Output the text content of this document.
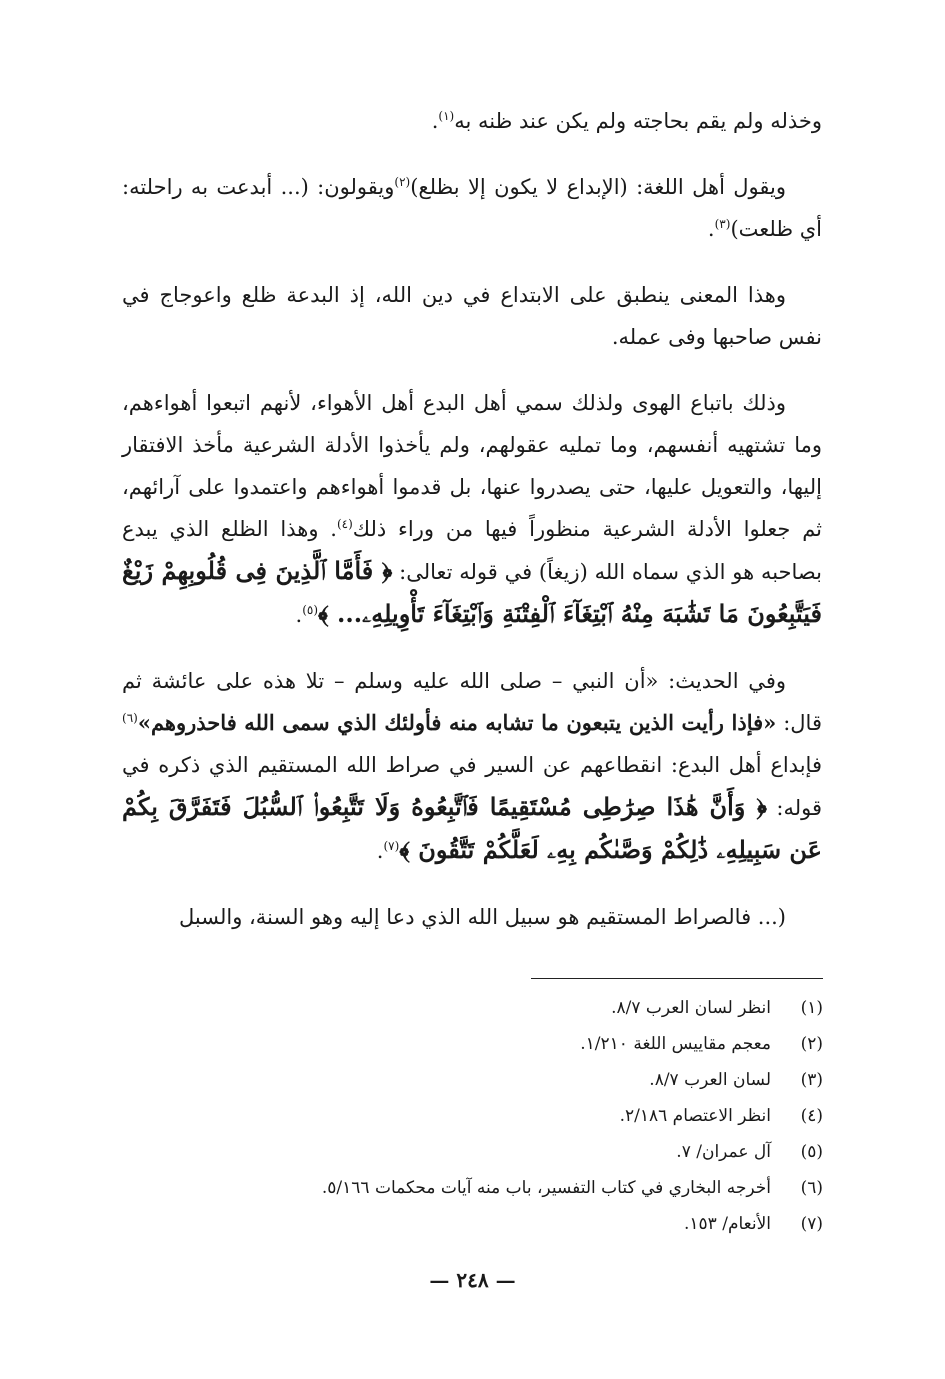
وخذله ولم يقم بحاجته ولم يكن عند ظنه به$^{(١)}$.

ويقول أهل اللغة: (الإبداع لا يكون إلا بظلع)$^{(٢)}$ويقولون: (... أبدعت به راحلته: أي ظلعت)$^{(٣)}$.

وهذا المعنى ينطبق على الابتداع في دين الله، إذ البدعة ظلع واعوجاج في نفس صاحبها وفى عمله.

وذلك باتباع الهوى ولذلك سمي أهل البدع أهل الأهواء، لأنهم اتبعوا أهواءهم، وما تشتهيه أنفسهم، وما تمليه عقولهم، ولم يأخذوا الأدلة الشرعية مأخذ الافتقار إليها، والتعويل عليها، حتى يصدروا عنها، بل قدموا أهواءهم واعتمدوا على آرائهم، ثم جعلوا الأدلة الشرعية منظوراً فيها من وراء ذلك$^{(٤)}$. وهذا الظلع الذي يبدع بصاحبه هو الذي سماه الله (زيغاً) في قوله تعالى: ﴿ فَأَمَّا ٱلَّذِينَ فِى قُلُوبِهِمْ زَيْغٌ فَيَتَّبِعُونَ مَا تَشَٰبَهَ مِنْهُ ٱبْتِغَآءَ ٱلْفِتْنَةِ وَٱبْتِغَآءَ تَأْوِيلِهِۦ... ﴾$^{(٥)}$.

وفي الحديث: «أن النبي – صلى الله عليه وسلم – تلا هذه على عائشة ثم قال: «فإذا رأيت الذين يتبعون ما تشابه منه فأولئك الذي سمى الله فاحذروهم»$^{(٦)}$ فإبداع أهل البدع: انقطاعهم عن السير في صراط الله المستقيم الذي ذكره في قوله: ﴿ وَأَنَّ هَٰذَا صِرَٰطِى مُسْتَقِيمًا فَٱتَّبِعُوهُ وَلَا تَتَّبِعُوا۟ ٱلسُّبُلَ فَتَفَرَّقَ بِكُمْ عَن سَبِيلِهِۦ ذَٰلِكُمْ وَصَّىٰكُم بِهِۦ لَعَلَّكُمْ تَتَّقُونَ ﴾$^{(٧)}$.

(... فالصراط المستقيم هو سبيل الله الذي دعا إليه وهو السنة، والسبل

(١)
انظر لسان العرب ٨/٧.
(٢)
معجم مقاييس اللغة ١/٢١٠.
(٣)
لسان العرب ٨/٧.
(٤)
انظر الاعتصام ٢/١٨٦.
(٥)
آل عمران/ ٧.
(٦)
أخرجه البخاري في كتاب التفسير، باب منه آيات محكمات ٥/١٦٦.
(٧)
الأنعام/ ١٥٣.
— ٢٤٨ —
